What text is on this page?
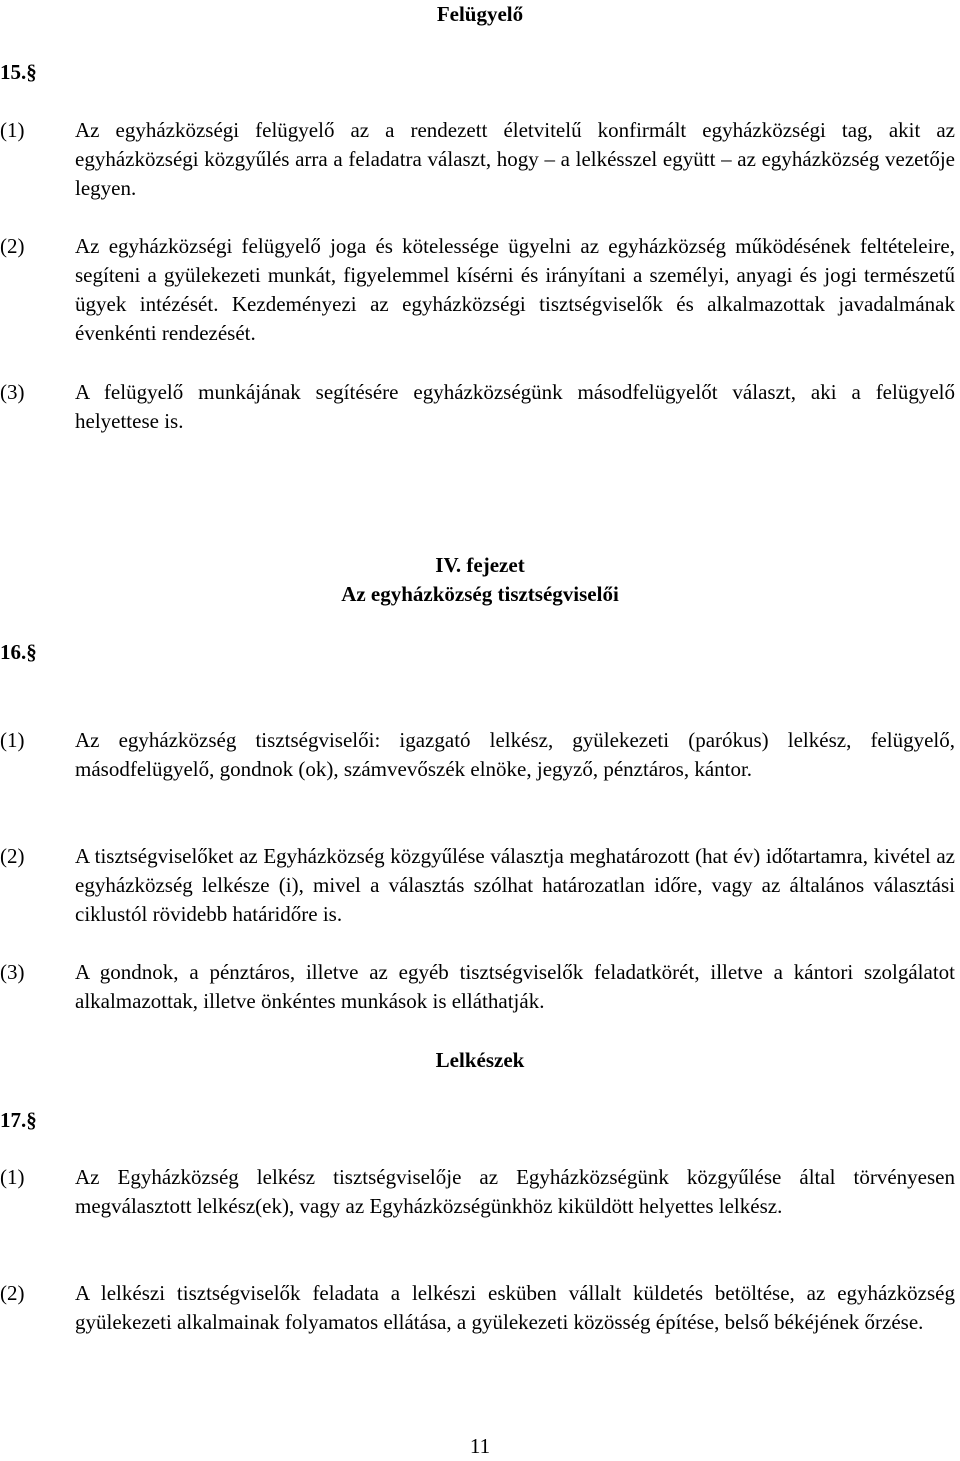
Felügyelő
15.§
(1) Az egyházközségi felügyelő az a rendezett életvitelű konfirmált egyházközségi tag, akit az egyházközségi közgyűlés arra a feladatra választ, hogy – a lelkésszel együtt – az egyházközség vezetője legyen.
(2) Az egyházközségi felügyelő joga és kötelessége ügyelni az egyházközség működésének feltételeire, segíteni a gyülekezeti munkát, figyelemmel kísérni és irányítani a személyi, anyagi és jogi természetű ügyek intézését. Kezdeményezi az egyházközségi tisztségviselők és alkalmazottak javadalmának évenkénti rendezését.
(3) A felügyelő munkájának segítésére egyházközségünk másodfelügyelőt választ, aki a felügyelő helyettese is.
IV. fejezet
Az egyházközség tisztségviselői
16.§
(1) Az egyházközség tisztségviselői: igazgató lelkész, gyülekezeti (parókus) lelkész, felügyelő, másodfelügyelő, gondnok (ok), számvevőszék elnöke, jegyző, pénztáros, kántor.
(2) A tisztségviselőket az Egyházközség közgyűlése választja meghatározott (hat év) időtartamra, kivétel az egyházközség lelkésze (i), mivel a választás szólhat határozatlan időre, vagy az általános választási ciklustól rövidebb határidőre is.
(3) A gondnok, a pénztáros, illetve az egyéb tisztségviselők feladatkörét, illetve a kántori szolgálatot alkalmazottak, illetve önkéntes munkások is elláthatják.
Lelkészek
17.§
(1) Az Egyházközség lelkész tisztségviselője az Egyházközségünk közgyűlése által törvényesen megválasztott lelkész(ek), vagy az Egyházközségünkhöz kiküldött helyettes lelkész.
(2) A lelkészi tisztségviselők feladata a lelkészi esküben vállalt küldetés betöltése, az egyházközség gyülekezeti alkalmainak folyamatos ellátása, a gyülekezeti közösség építése, belső békéjének őrzése.
11
